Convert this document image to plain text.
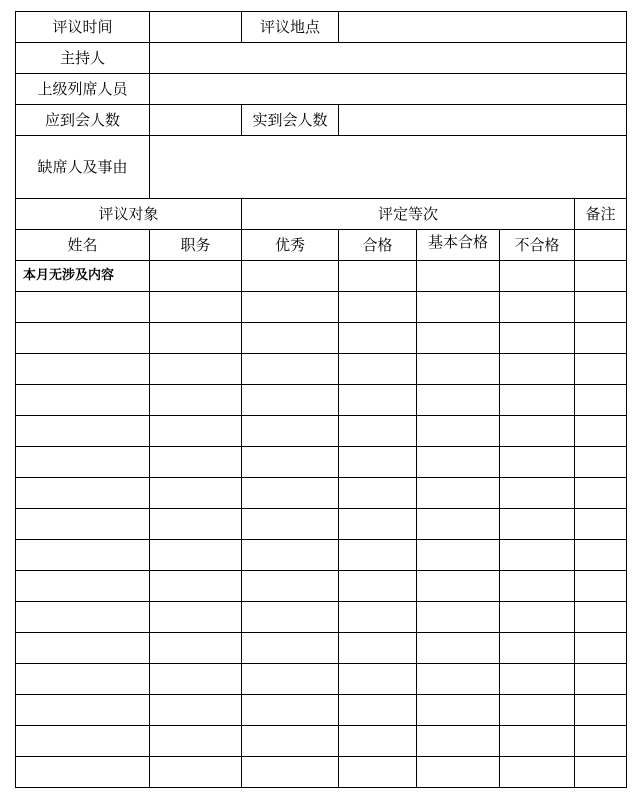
评议时间		评议地点				
主持人						
上级列席人员						
应到会人数		实到会人数				
缺席人及事由						
评议对象		评定等次				备注
姓名	职务	优秀	合格	基本合格	不合格	
本月无涉及内容						
